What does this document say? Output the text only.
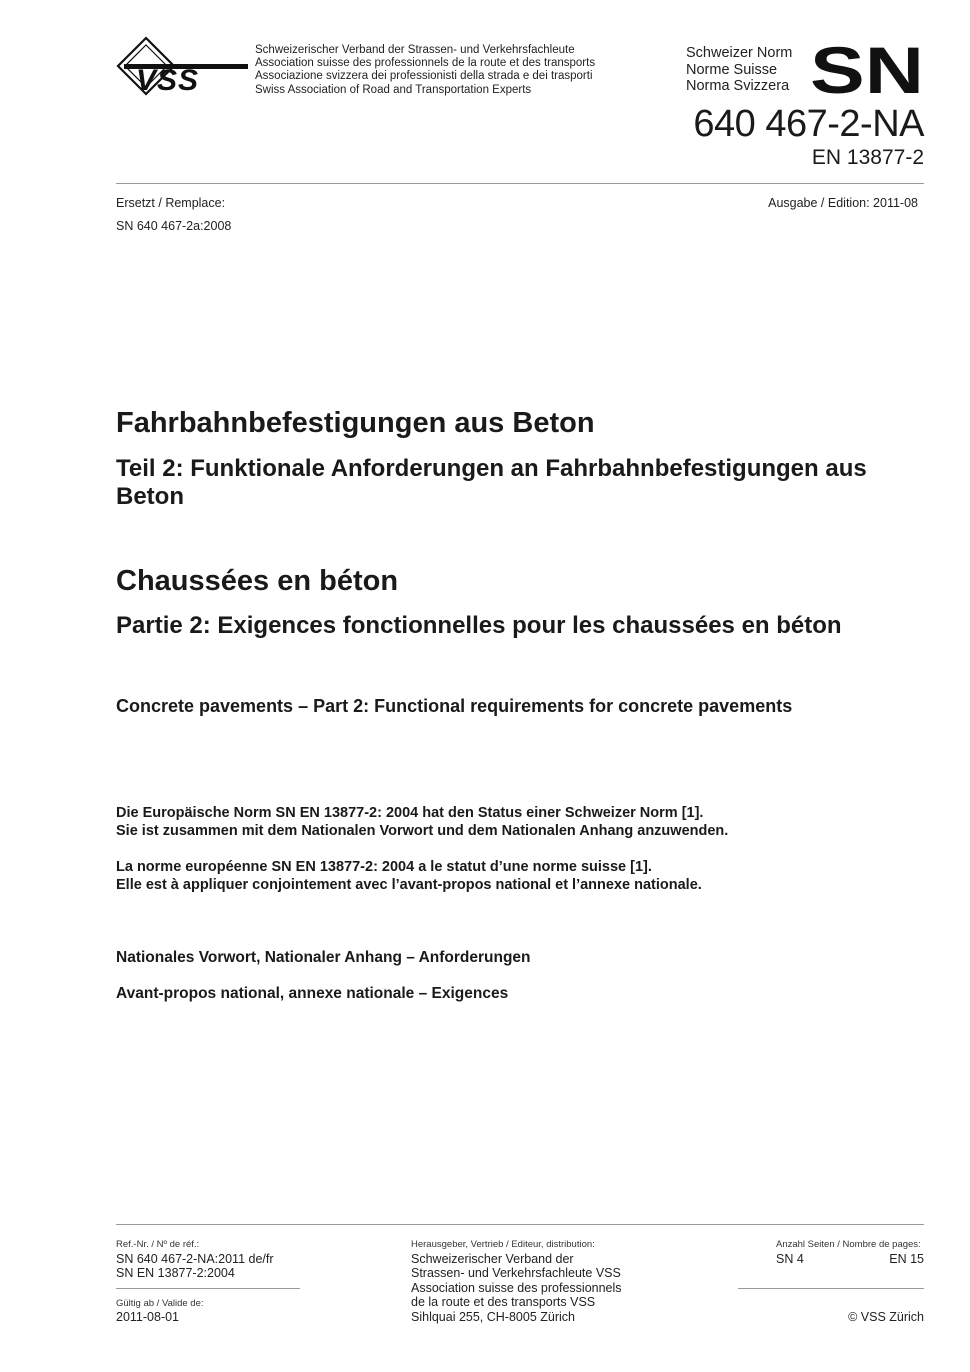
VSS
Schweizerischer Verband der Strassen- und Verkehrsfachleute
Association suisse des professionnels de la route et des transports
Associazione svizzera dei professionisti della strada e dei trasporti
Swiss Association of Road and Transportation Experts
Schweizer Norm
Norme Suisse
Norma Svizzera SN
640 467-2-NA
EN 13877-2
Ersetzt / Remplace:
SN 640 467-2a:2008
Ausgabe / Edition: 2011-08
Fahrbahnbefestigungen aus Beton
Teil 2: Funktionale Anforderungen an Fahrbahnbefestigungen aus Beton
Chaussées en béton
Partie 2: Exigences fonctionnelles pour les chaussées en béton
Concrete pavements – Part 2: Functional requirements for concrete pavements
Die Europäische Norm SN EN 13877-2: 2004 hat den Status einer Schweizer Norm [1].
Sie ist zusammen mit dem Nationalen Vorwort und dem Nationalen Anhang anzuwenden.
La norme européenne SN EN 13877-2: 2004 a le statut d’une norme suisse [1].
Elle est à appliquer conjointement avec l’avant-propos national et l’annexe nationale.
Nationales Vorwort, Nationaler Anhang – Anforderungen
Avant-propos national, annexe nationale – Exigences
Ref.-Nr. / Nº de réf.:
SN 640 467-2-NA:2011 de/fr
SN EN 13877-2:2004
Gültig ab / Valide de:
2011-08-01
Herausgeber, Vertrieb / Editeur, distribution:
Schweizerischer Verband der
Strassen- und Verkehrsfachleute VSS
Association suisse des professionnels
de la route et des transports VSS
Sihlquai 255, CH-8005 Zürich
Anzahl Seiten / Nombre de pages:
SN 4	EN 15
© VSS Zürich
